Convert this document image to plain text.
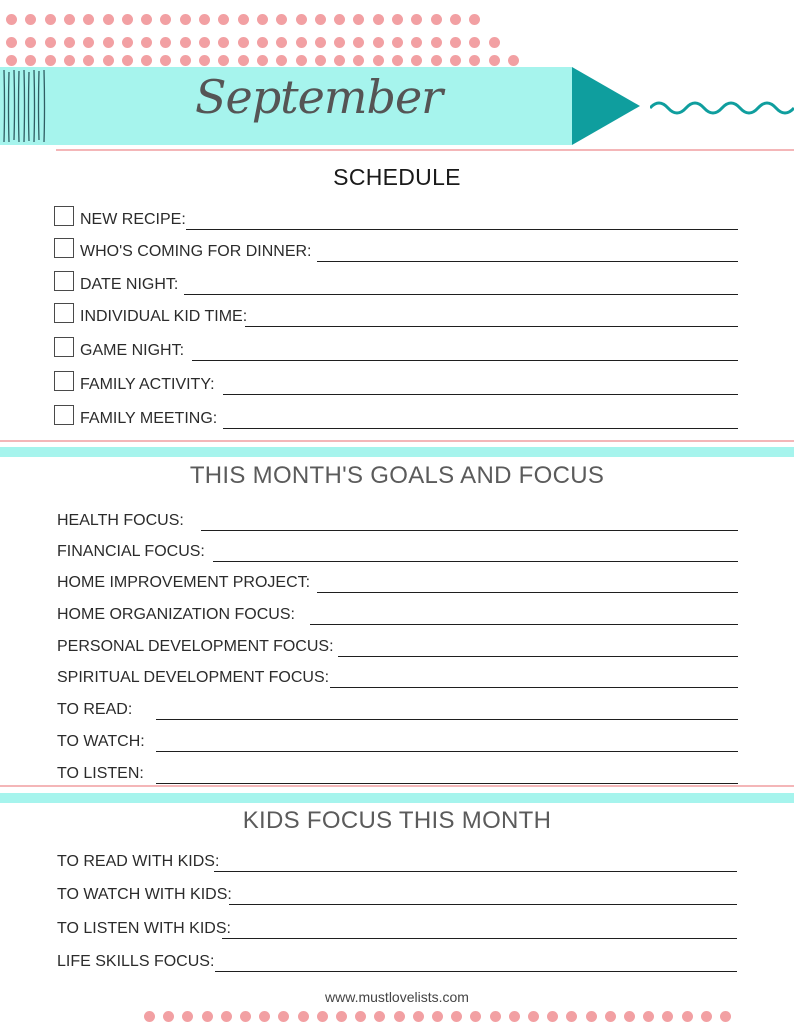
September
SCHEDULE
NEW RECIPE:
WHO'S COMING FOR DINNER:
DATE NIGHT:
INDIVIDUAL KID TIME:
GAME NIGHT:
FAMILY ACTIVITY:
FAMILY MEETING:
THIS MONTH'S GOALS AND FOCUS
HEALTH FOCUS:
FINANCIAL FOCUS:
HOME IMPROVEMENT PROJECT:
HOME ORGANIZATION FOCUS:
PERSONAL DEVELOPMENT FOCUS:
SPIRITUAL DEVELOPMENT FOCUS:
TO READ:
TO WATCH:
TO LISTEN:
KIDS FOCUS THIS MONTH
TO READ WITH KIDS:
TO WATCH WITH KIDS:
TO LISTEN WITH KIDS:
LIFE SKILLS FOCUS:
www.mustlovelists.com
